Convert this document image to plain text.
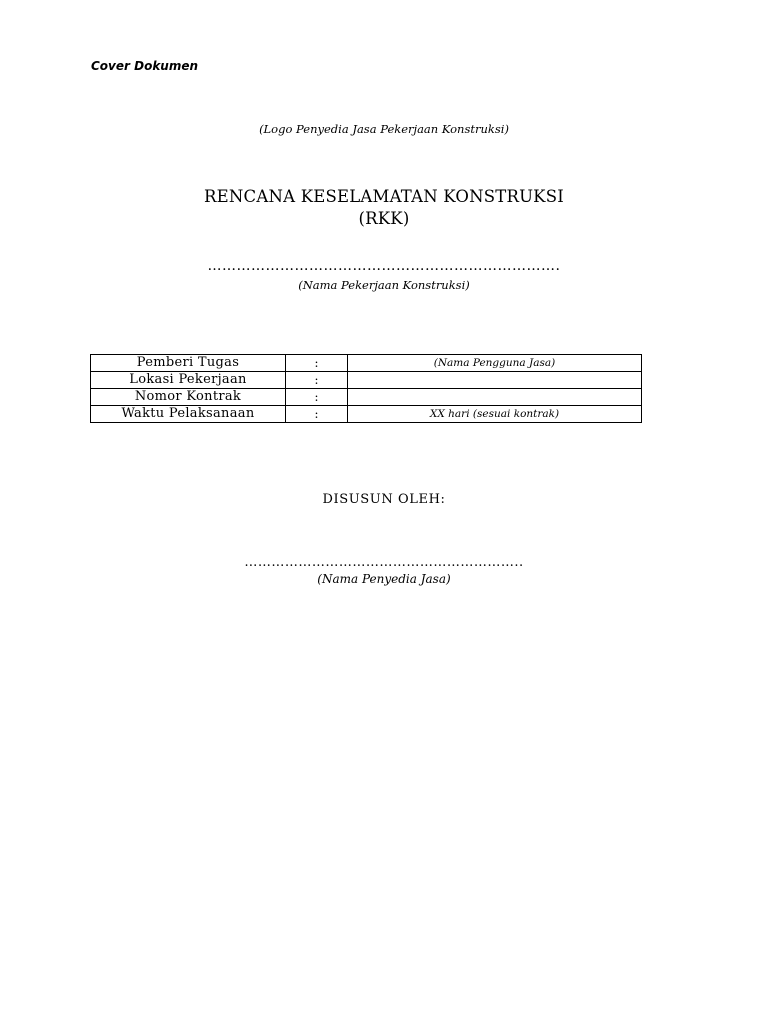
Cover Dokumen
(Logo Penyedia Jasa Pekerjaan Konstruksi)
RENCANA KESELAMATAN KONSTRUKSI
(RKK)
……………………………………………………………….
(Nama Pekerjaan Konstruksi)
Pemberi Tugas	:	(Nama Pengguna Jasa)
Lokasi Pekerjaan	:	
Nomor Kontrak	:	
Waktu Pelaksanaan	:	XX hari (sesuai kontrak)
DISUSUN OLEH:
……………………………………………………..
(Nama Penyedia Jasa)
